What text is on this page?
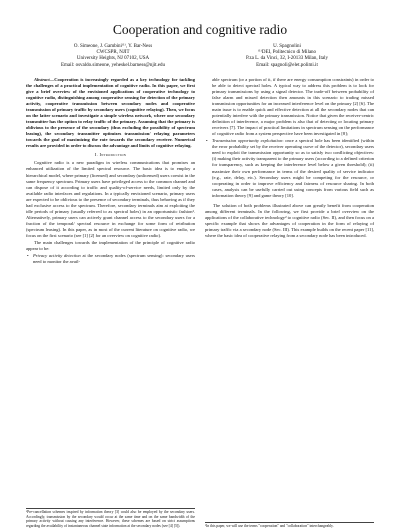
Cooperation and cognitive radio
O. Simeone, J. Gambini⁽¹⁾, Y. Bar-Ness
CWCSPR, NJIT
University Heights, NJ 07102, USA
Email: osvaldo.simeone, yeheskel.barness@njit.edu
U. Spagnolini
⁽¹⁾DEI, Politecnico di Milano
P.za L. da Vinci, 32, I-20133 Milan, Italy
Email: spagnoli@elet.polimi.it

Abstract—Cooperation is increasingly regarded as a key technology for tackling the challenges of a practical implementation of cognitive radio. In this paper, we first give a brief overview of the envisioned applications of cooperative technology to cognitive radio, distinguishing among cooperative sensing for detection of the primary activity, cooperative transmission between secondary nodes and cooperative transmission of primary traffic by secondary users (cognitive relaying). Then, we focus on the latter scenario and investigate a simple wireless network, where one secondary transmitter has the option to relay traffic of the primary. Assuming that the primary is oblivious to the presence of the secondary (thus excluding the possibility of spectrum leasing), the secondary transmitter optimizes transmission/ relaying parameters towards the goal of maximizing the rate towards the secondary receiver. Numerical results are provided in order to discuss the advantage and limits of cognitive relaying.

I. Introduction

Cognitive radio is a new paradigm in wireless communications that promises an enhanced utilization of the limited spectral resource. The basic idea is to employ a hierarchical model, where primary (licensed) and secondary (unlicensed) users coexist in the same frequency spectrum. Primary users have privileged access to the common channel and can dispose of it according to traffic and quality-of-service needs, limited only by the available radio interfaces and regulations. In a typically envisioned scenario, primary users are expected to be oblivious to the presence of secondary terminals, thus behaving as if they had exclusive access to the spectrum. Therefore, secondary terminals aim at exploiting the idle periods of primary (usually referred to as spectral holes) in an opportunistic fashion¹. Alternatively, primary users can actively grant channel access to the secondary users for a fraction of the temporal/ spectral resource in exchange for some form of retribution (spectrum leasing). In this paper, as in most of the current literature on cognitive radio, we focus on the first scenario (see [1] [2] for an overview on cognitive radio).

The main challenges towards the implementation of the principle of cognitive radio appear to be:

• Privacy activity detection at the secondary nodes (spectrum sensing): secondary users need to monitor the avail-
¹Pre-cancellation schemes inspired by information theory [3] could also be employed by the secondary users. Accordingly, transmission by the secondary would occur at the same time and on the same bandwidth of the primary activity without causing any interference. However, these schemes are based on strict assumptions regarding the availability of instantaneous channel state information at the secondary nodes (see [4] [5]).

able spectrum (or a portion of it, if there are energy consumption constraints) in order to be able to detect spectral holes. A typical way to address this problem is to look for primary transmissions by using a signal detector. The trade-off between probability of false alarm and missed detection then amounts in this scenario to trading missed transmission opportunities for an increased interference level on the primary [2] [6]. The main issue is to enable quick and effective detection at all the secondary nodes that can potentially interfere with the primary transmission. Notice that given the receiver-centric definition of interference, a major problem is also that of detecting or locating primary receivers [7]. The impact of practical limitations in spectrum sensing on the performance of cognitive radio from a system perspective have been investigated in [8];

• Transmission opportunity exploitation: once a spectral hole has been identified (within the error probability set by the receiver operating curve of the detector), secondary users need to exploit the transmission opportunity so as to satisfy two conflicting objectives: (i) making their activity transparent to the primary users (according to a defined criterion for transparency, such as keeping the interference level below a given threshold); (ii) maximize their own performance in terms of the desired quality of service indicator (e.g., rate, delay, etc.). Secondary users might be competing for the resource, or cooperating in order to improve efficiency and fairness of resource sharing. In both cases, analysis can be usefully carried out using concepts from various field such as information theory [9] and game theory [10].

The solution of both problems illustrated above can greatly benefit from cooperation among different terminals. In the following, we first provide a brief overview on the applications of the collaborative technology² to cognitive radio (Sec. II), and then focus on a specific example that shows the advantages of cooperation in the form of relaying of primary traffic via a secondary node (Sec. III). This example builds on the recent paper [11], where the basic idea of cooperative relaying from a secondary node has been introduced.

²In this paper, we will use the terms "cooperation" and "collaboration" interchangeably.
